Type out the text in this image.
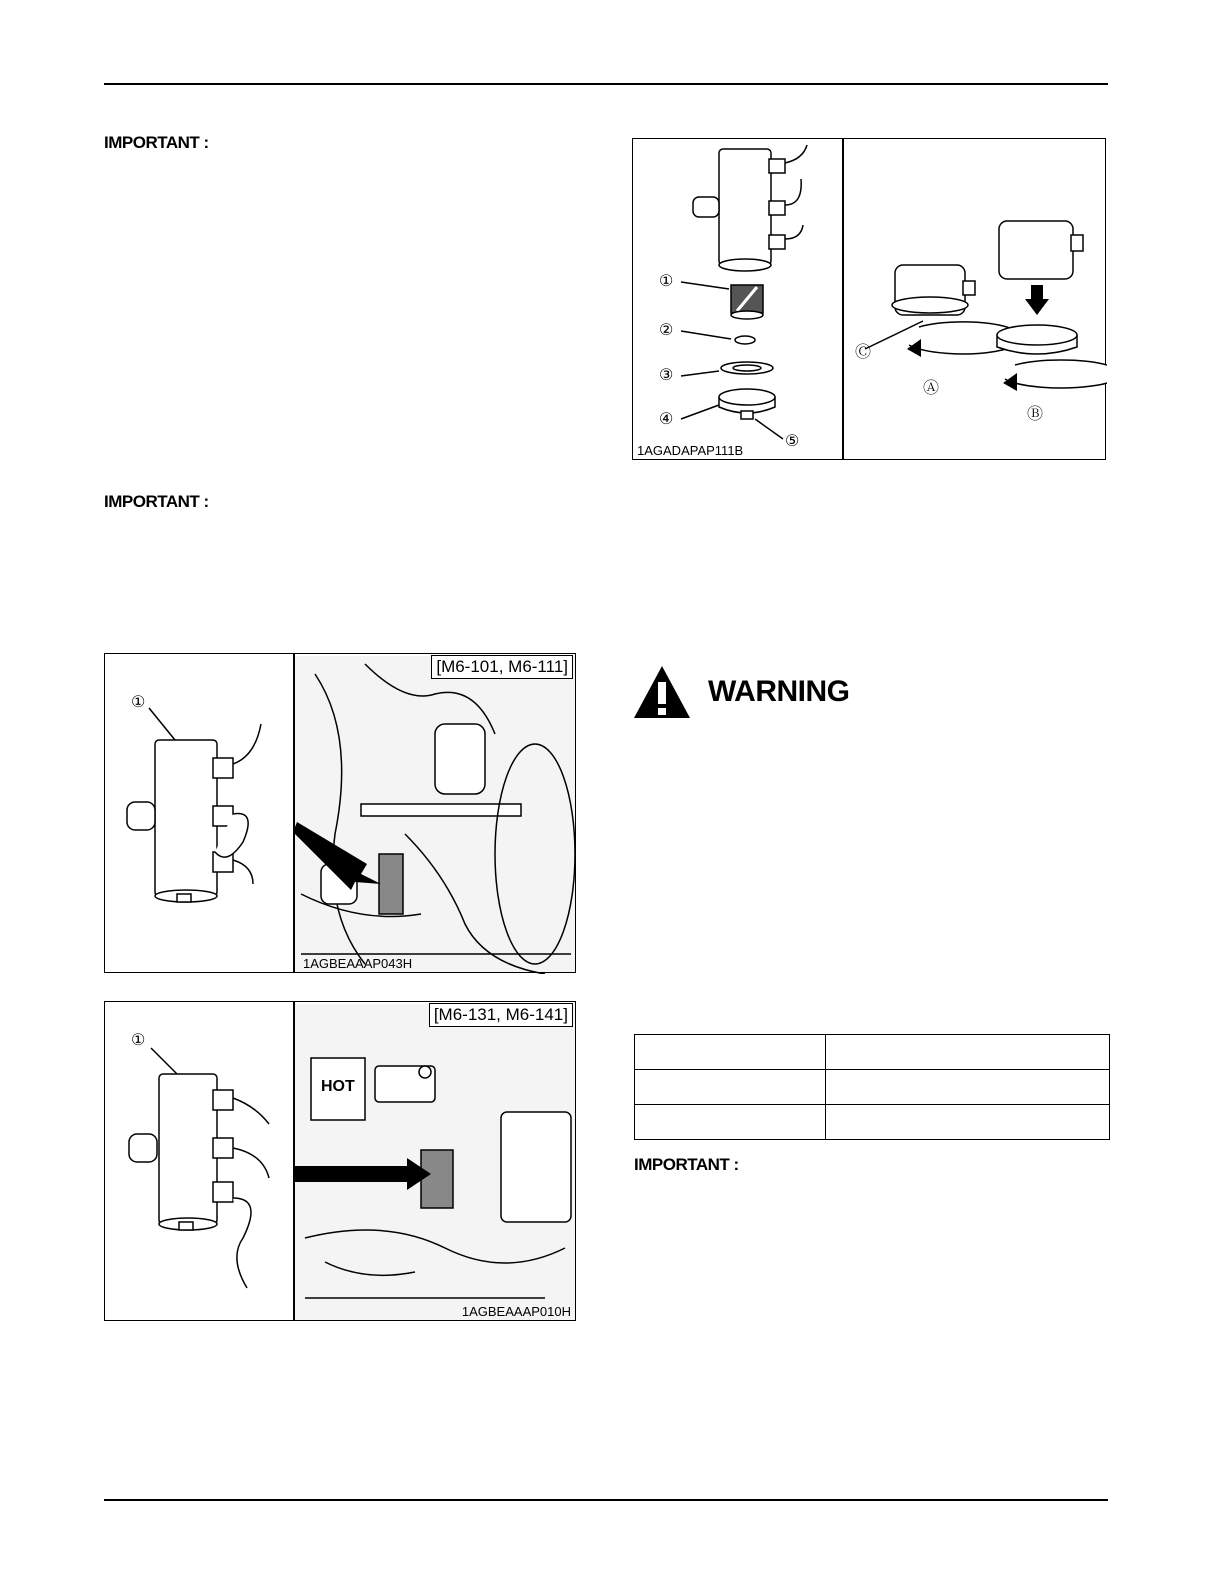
IMPORTANT :
IMPORTANT :
IMPORTANT :
①
②
③
④
⑤
Ⓒ
Ⓐ
Ⓑ
1AGADAPAP111B
①
[M6-101, M6-111]
1AGBEAAAP043H
①
HOT
[M6-131, M6-141]
1AGBEAAAP010H
WARNING
